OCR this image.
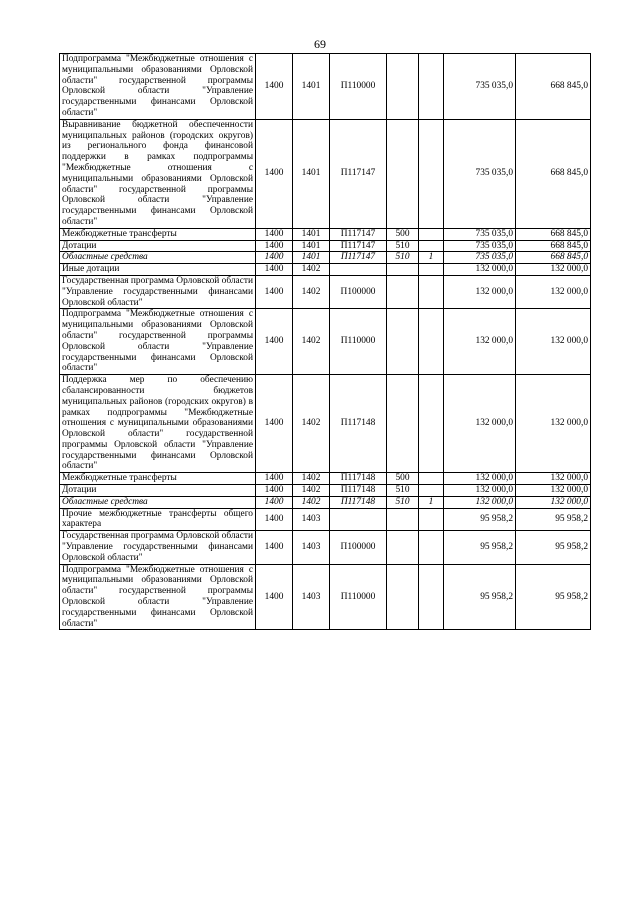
69
Подпрограмма "Межбюджетные отношения с муниципальными образованиями Орловской области" государственной программы Орловской области "Управление государственными финансами Орловской области"	1400	1401	П110000			735 035,0	668 845,0
Выравнивание бюджетной обеспеченности муниципальных районов (городских округов) из регионального фонда финансовой поддержки в рамках подпрограммы "Межбюджетные отношения с муниципальными образованиями Орловской области" государственной программы Орловской области "Управление государственными финансами Орловской области"	1400	1401	П117147			735 035,0	668 845,0
Межбюджетные трансферты	1400	1401	П117147	500		735 035,0	668 845,0
Дотации	1400	1401	П117147	510		735 035,0	668 845,0
Областные средства	1400	1401	П117147	510	1	735 035,0	668 845,0
Иные дотации	1400	1402				132 000,0	132 000,0
Государственная программа Орловской области "Управление государственными финансами Орловской области"	1400	1402	П100000			132 000,0	132 000,0
Подпрограмма "Межбюджетные отношения с муниципальными образованиями Орловской области" государственной программы Орловской области "Управление государственными финансами Орловской области"	1400	1402	П110000			132 000,0	132 000,0
Поддержка мер по обеспечению сбалансированности бюджетов муниципальных районов (городских округов) в рамках подпрограммы "Межбюджетные отношения с муниципальными образованиями Орловской области" государственной программы Орловской области "Управление государственными финансами Орловской области"	1400	1402	П117148			132 000,0	132 000,0
Межбюджетные трансферты	1400	1402	П117148	500		132 000,0	132 000,0
Дотации	1400	1402	П117148	510		132 000,0	132 000,0
Областные средства	1400	1402	П117148	510	1	132 000,0	132 000,0
Прочие межбюджетные трансферты общего характера	1400	1403				95 958,2	95 958,2
Государственная программа Орловской области "Управление государственными финансами Орловской области"	1400	1403	П100000			95 958,2	95 958,2
Подпрограмма "Межбюджетные отношения с муниципальными образованиями Орловской области" государственной программы Орловской области "Управление государственными финансами Орловской области"	1400	1403	П110000			95 958,2	95 958,2
